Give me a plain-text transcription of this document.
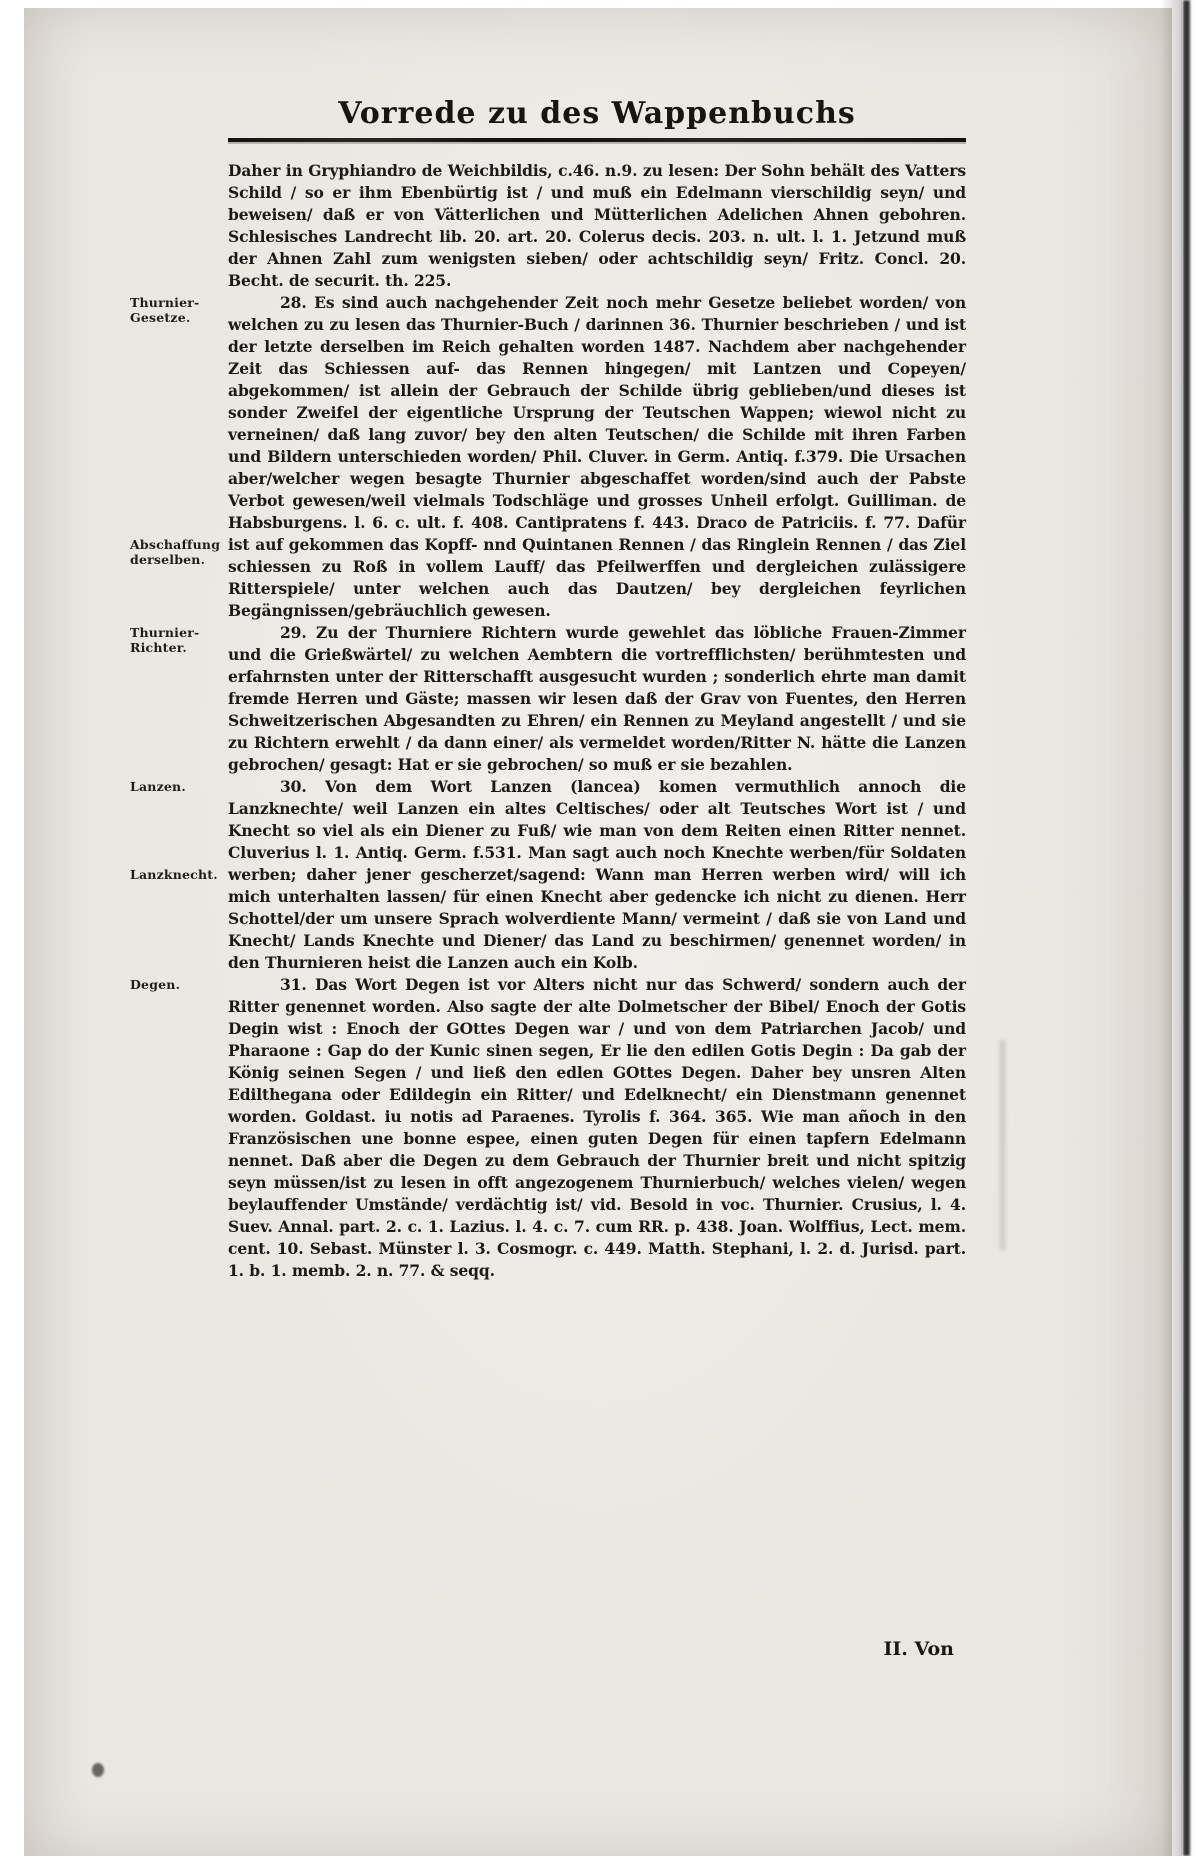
Vorrede zu des Wappenbuchs

Daher in Gryphiandro de Weichbildis, c.46. n.9. zu lesen: Der Sohn behält des Vatters Schild / so er ihm Ebenbürtig ist / und muß ein Edelmann vierschildig seyn/ und beweisen/ daß er von Vätterlichen und Mütterlichen Adelichen Ahnen gebohren. Schlesisches Landrecht lib. 20. art. 20. Colerus decis. 203. n. ult. l. 1. Jetzund muß der Ahnen Zahl zum wenigsten sieben/ oder achtschildig seyn/ Fritz. Concl. 20. Becht. de securit. th. 225.

Thurnier-Gesetze.
Abschaffung derselben.

28. Es sind auch nachgehender Zeit noch mehr Gesetze beliebet worden/ von welchen zu zu lesen das Thurnier-Buch / darinnen 36. Thurnier beschrieben / und ist der letzte derselben im Reich gehalten worden 1487. Nachdem aber nachgehender Zeit das Schiessen auf- das Rennen hingegen/ mit Lantzen und Copeyen/ abgekommen/ ist allein der Gebrauch der Schilde übrig geblieben/und dieses ist sonder Zweifel der eigentliche Ursprung der Teutschen Wappen; wiewol nicht zu verneinen/ daß lang zuvor/ bey den alten Teutschen/ die Schilde mit ihren Farben und Bildern unterschieden worden/ Phil. Cluver. in Germ. Antiq. f.379. Die Ursachen aber/welcher wegen besagte Thurnier abgeschaffet worden/sind auch der Pabste Verbot gewesen/weil vielmals Todschläge und grosses Unheil erfolgt. Guilliman. de Habsburgens. l. 6. c. ult. f. 408. Cantipratens f. 443. Draco de Patriciis. f. 77. Dafür ist auf gekommen das Kopff- nnd Quintanen Rennen / das Ringlein Rennen / das Ziel schiessen zu Roß in vollem Lauff/ das Pfeilwerffen und dergleichen zulässigere Ritterspiele/ unter welchen auch das Dautzen/ bey dergleichen feyrlichen Begängnissen/gebräuchlich gewesen.

Thurnier-Richter.

29. Zu der Thurniere Richtern wurde gewehlet das löbliche Frauen-Zimmer und die Grießwärtel/ zu welchen Aembtern die vortrefflichsten/ berühmtesten und erfahrnsten unter der Ritterschafft ausgesucht wurden ; sonderlich ehrte man damit fremde Herren und Gäste; massen wir lesen daß der Grav von Fuentes, den Herren Schweitzerischen Abgesandten zu Ehren/ ein Rennen zu Meyland angestellt / und sie zu Richtern erwehlt / da dann einer/ als vermeldet worden/Ritter N. hätte die Lanzen gebrochen/ gesagt: Hat er sie gebrochen/ so muß er sie bezahlen.

Lanzen.
Lanzknecht.

30. Von dem Wort Lanzen (lancea) komen vermuthlich annoch die Lanzknechte/ weil Lanzen ein altes Celtisches/ oder alt Teutsches Wort ist / und Knecht so viel als ein Diener zu Fuß/ wie man von dem Reiten einen Ritter nennet. Cluverius l. 1. Antiq. Germ. f.531. Man sagt auch noch Knechte werben/für Soldaten werben; daher jener gescherzet/sagend: Wann man Herren werben wird/ will ich mich unterhalten lassen/ für einen Knecht aber gedencke ich nicht zu dienen. Herr Schottel/der um unsere Sprach wolverdiente Mann/ vermeint / daß sie von Land und Knecht/ Lands Knechte und Diener/ das Land zu beschirmen/ genennet worden/ in den Thurnieren heist die Lanzen auch ein Kolb.

Degen.	31. Das Wort Degen ist vor Alters nicht nur das Schwerd/ sondern auch der Ritter genennet worden. Also sagte der alte Dolmetscher der Bibel/ Enoch der Gotis Degin wist : Enoch der GOttes Degen war / und von dem Patriarchen Jacob/ und Pharaone : Gap do der Kunic sinen segen, Er lie den edilen Gotis Degin : Da gab der König seinen Segen / und ließ den edlen GOttes Degen. Daher bey unsren Alten Edilthegana oder Edildegin ein Ritter/ und Edelknecht/ ein Dienstmann genennet worden. Goldast. iu notis ad Paraenes. Tyrolis f. 364. 365. Wie man añoch in den Französischen une bonne espee, einen guten Degen für einen tapfern Edelmann nennet. Daß aber die Degen zu dem Gebrauch der Thurnier breit und nicht spitzig seyn müssen/ist zu lesen in offt angezogenem Thurnierbuch/ welches vielen/ wegen beylauffender Umstände/ verdächtig ist/ vid. Besold in voc. Thurnier. Crusius, l. 4. Suev. Annal. part. 2. c. 1. Lazius. l. 4. c. 7. cum RR. p. 438. Joan. Wolffius, Lect. mem. cent. 10. Sebast. Münster l. 3. Cosmogr. c. 449. Matth. Stephani, l. 2. d. Jurisd. part. 1. b. 1. memb. 2. n. 77. & seqq.

II. Von
